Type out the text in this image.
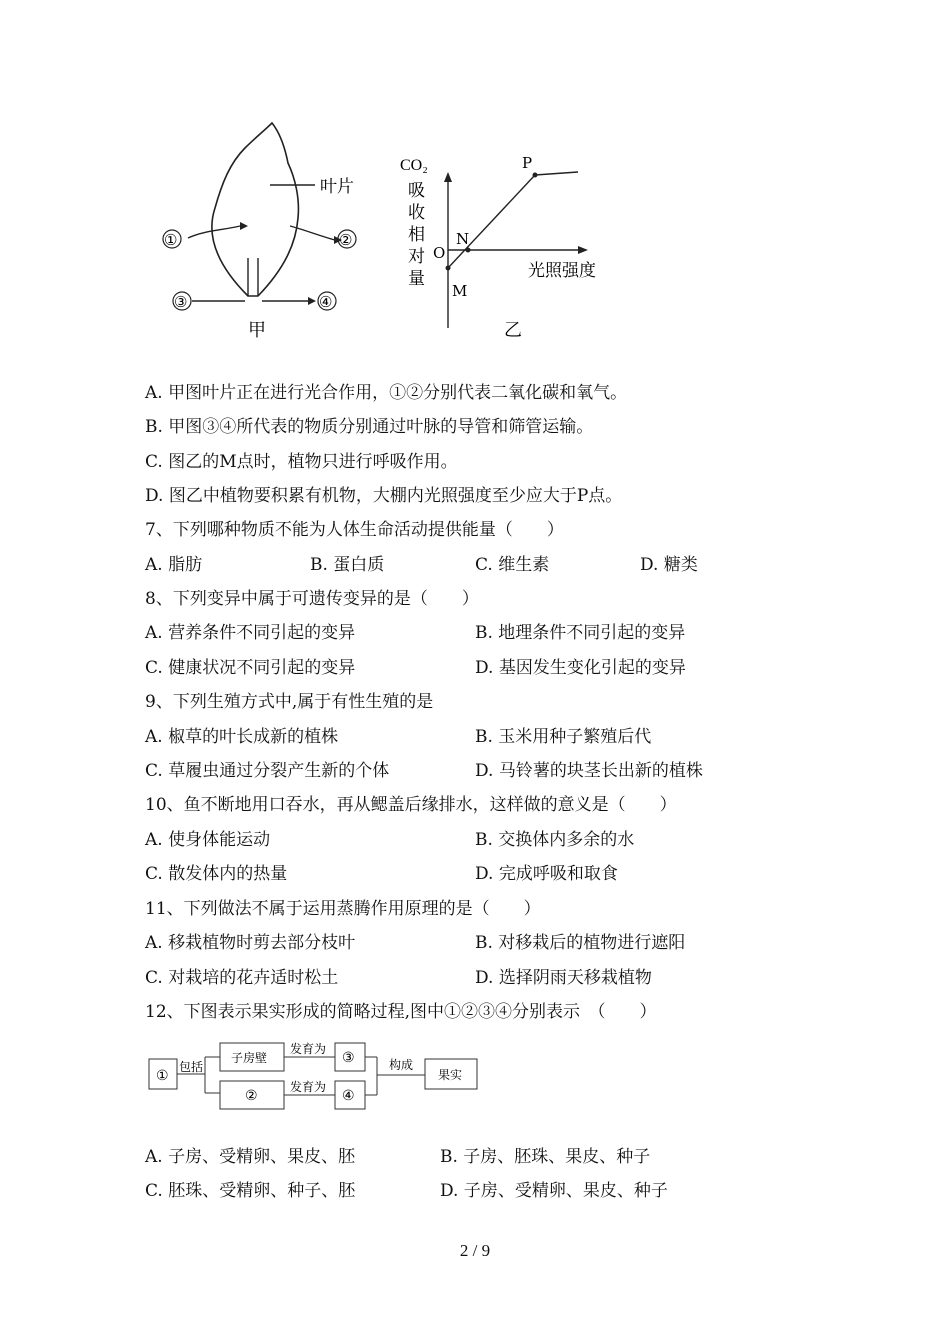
叶片
①	②
③	④
甲
CO₂
吸
收
相
对
量
O
N
M
P
光照强度
乙
A. 甲图叶片正在进行光合作用，①②分别代表二氧化碳和氧气。
B. 甲图③④所代表的物质分别通过叶脉的导管和筛管运输。
C. 图乙的M点时，植物只进行呼吸作用。
D. 图乙中植物要积累有机物，大棚内光照强度至少应大于P点。
7、下列哪种物质不能为人体生命活动提供能量（　　）
A. 脂肪	B. 蛋白质	C. 维生素	D. 糖类
8、下列变异中属于可遗传变异的是（　　）
A. 营养条件不同引起的变异	B. 地理条件不同引起的变异
C. 健康状况不同引起的变异	D. 基因发生变化引起的变异
9、下列生殖方式中,属于有性生殖的是
A. 椒草的叶长成新的植株	B. 玉米用种子繁殖后代
C. 草履虫通过分裂产生新的个体	D. 马铃薯的块茎长出新的植株
10、鱼不断地用口吞水，再从鳃盖后缘排水，这样做的意义是（　　）
A. 使身体能运动	B. 交换体内多余的水
C. 散发体内的热量	D. 完成呼吸和取食
11、下列做法不属于运用蒸腾作用原理的是（　　）
A. 移栽植物时剪去部分枝叶	B. 对移栽后的植物进行遮阳
C. 对栽培的花卉适时松土	D. 选择阴雨天移栽植物
12、下图表示果实形成的简略过程,图中①②③④分别表示　（　　）
①
包括
子房壁
②
发育为
发育为
③
④
构成
果实
A. 子房、受精卵、果皮、胚	B. 子房、胚珠、果皮、种子
C. 胚珠、受精卵、种子、胚	D. 子房、受精卵、果皮、种子
2 / 9
